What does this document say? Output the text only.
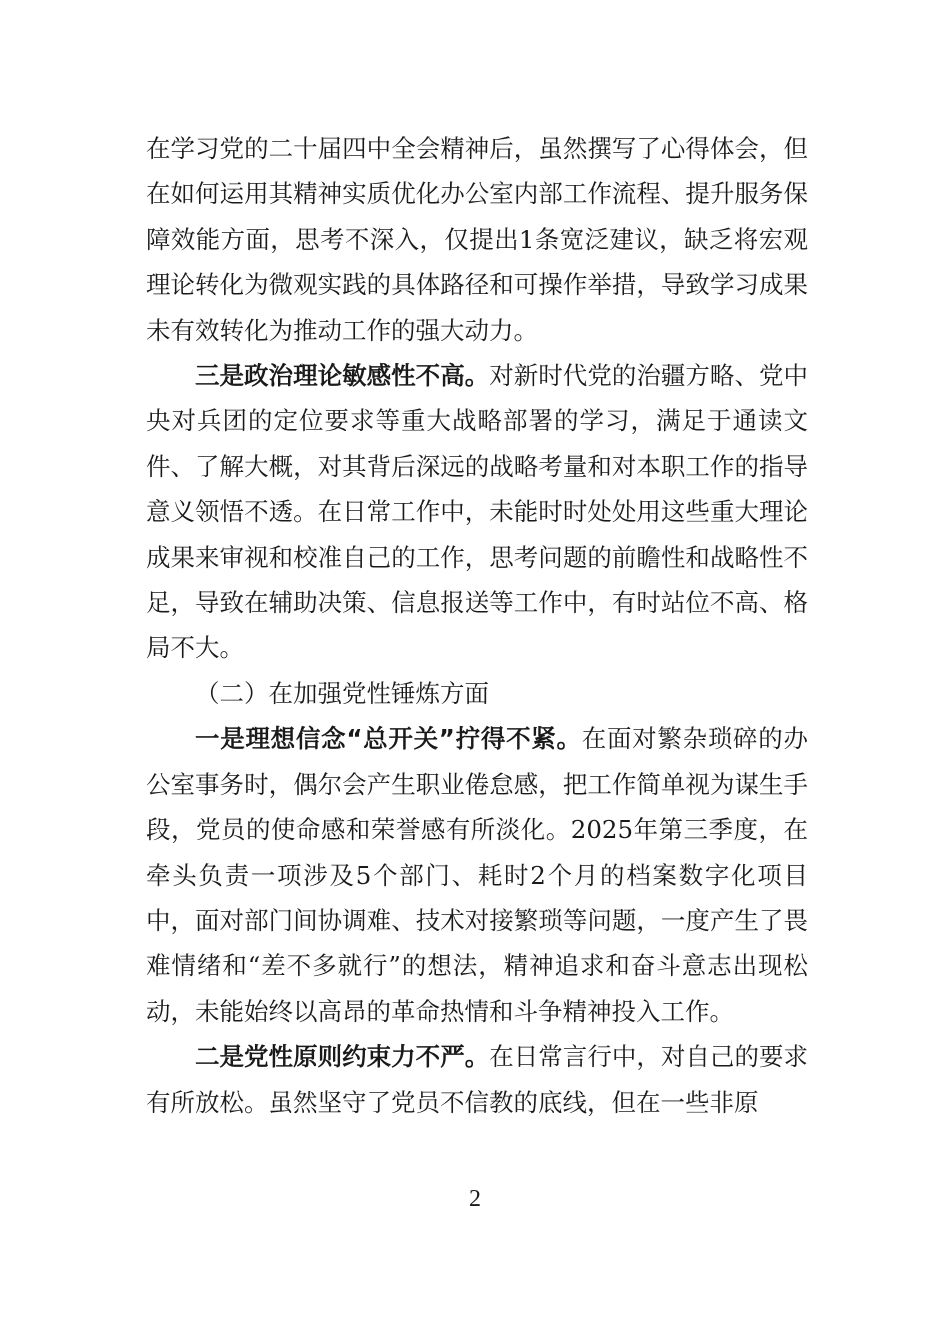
在学习党的二十届四中全会精神后，虽然撰写了心得体会，但在如何运用其精神实质优化办公室内部工作流程、提升服务保障效能方面，思考不深入，仅提出1条宽泛建议，缺乏将宏观理论转化为微观实践的具体路径和可操作举措，导致学习成果未有效转化为推动工作的强大动力。

三是政治理论敏感性不高。对新时代党的治疆方略、党中央对兵团的定位要求等重大战略部署的学习，满足于通读文件、了解大概，对其背后深远的战略考量和对本职工作的指导意义领悟不透。在日常工作中，未能时时处处用这些重大理论成果来审视和校准自己的工作，思考问题的前瞻性和战略性不足，导致在辅助决策、信息报送等工作中，有时站位不高、格局不大。

（二）在加强党性锤炼方面

一是理想信念“总开关”拧得不紧。在面对繁杂琐碎的办公室事务时，偶尔会产生职业倦怠感，把工作简单视为谋生手段，党员的使命感和荣誉感有所淡化。2025年第三季度，在牵头负责一项涉及5个部门、耗时2个月的档案数字化项目中，面对部门间协调难、技术对接繁琐等问题，一度产生了畏难情绪和“差不多就行”的想法，精神追求和奋斗意志出现松动，未能始终以高昂的革命热情和斗争精神投入工作。

二是党性原则约束力不严。在日常言行中，对自己的要求有所放松。虽然坚守了党员不信教的底线，但在一些非原

2
